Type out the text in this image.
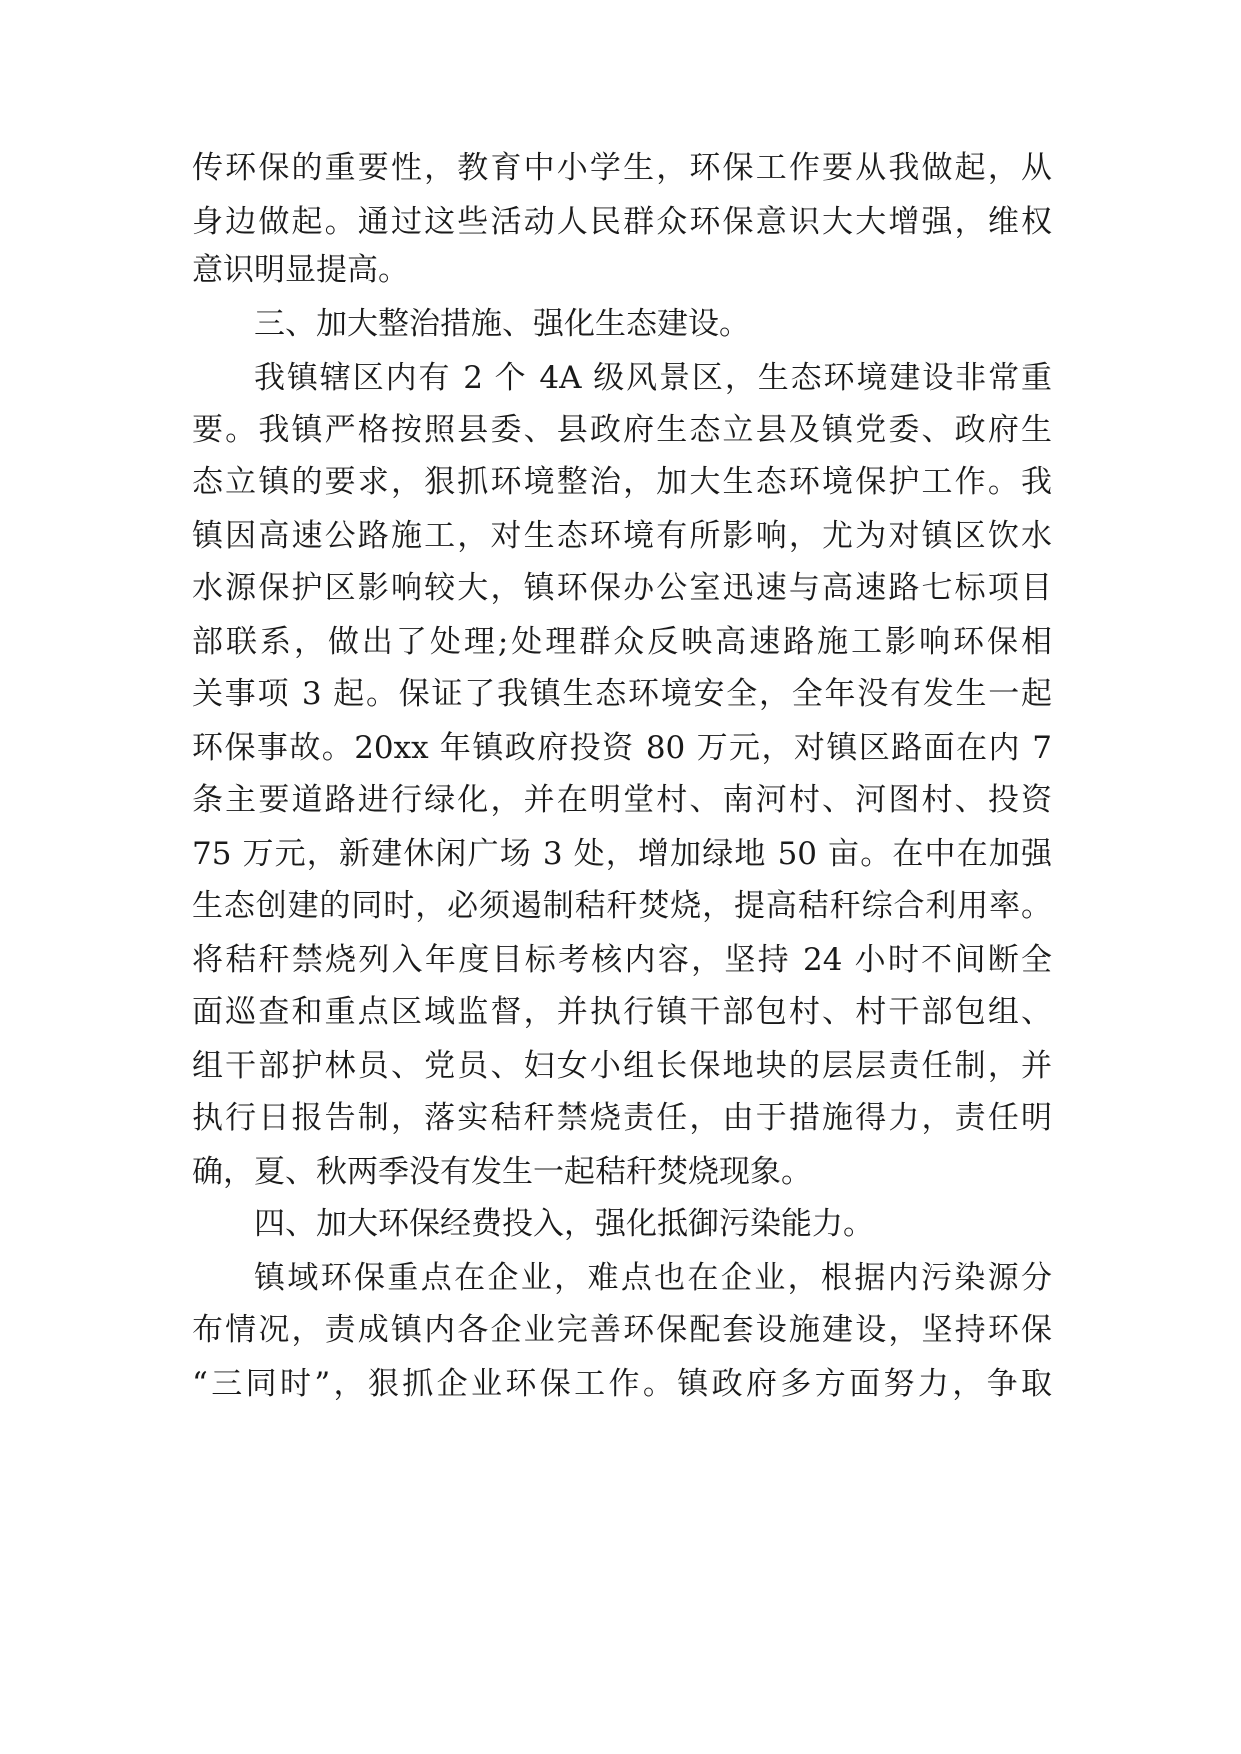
传环保的重要性，教育中小学生，环保工作要从我做起，从
身边做起。通过这些活动人民群众环保意识大大增强，维权
意识明显提高。
三、加大整治措施、强化生态建设。
我镇辖区内有 2 个 4A 级风景区，生态环境建设非常重
要。我镇严格按照县委、县政府生态立县及镇党委、政府生
态立镇的要求，狠抓环境整治，加大生态环境保护工作。我
镇因高速公路施工，对生态环境有所影响，尤为对镇区饮水
水源保护区影响较大，镇环保办公室迅速与高速路七标项目
部联系，做出了处理;处理群众反映高速路施工影响环保相
关事项 3 起。保证了我镇生态环境安全，全年没有发生一起
环保事故。20xx 年镇政府投资 80 万元，对镇区路面在内 7
条主要道路进行绿化，并在明堂村、南河村、河图村、投资
75 万元，新建休闲广场 3 处，增加绿地 50 亩。在中在加强
生态创建的同时，必须遏制秸秆焚烧，提高秸秆综合利用率。
将秸秆禁烧列入年度目标考核内容，坚持 24 小时不间断全
面巡查和重点区域监督，并执行镇干部包村、村干部包组、
组干部护林员、党员、妇女小组长保地块的层层责任制，并
执行日报告制，落实秸秆禁烧责任，由于措施得力，责任明
确，夏、秋两季没有发生一起秸秆焚烧现象。
四、加大环保经费投入，强化抵御污染能力。
镇域环保重点在企业，难点也在企业，根据内污染源分
布情况，责成镇内各企业完善环保配套设施建设，坚持环保
“三同时”，狠抓企业环保工作。镇政府多方面努力，争取
